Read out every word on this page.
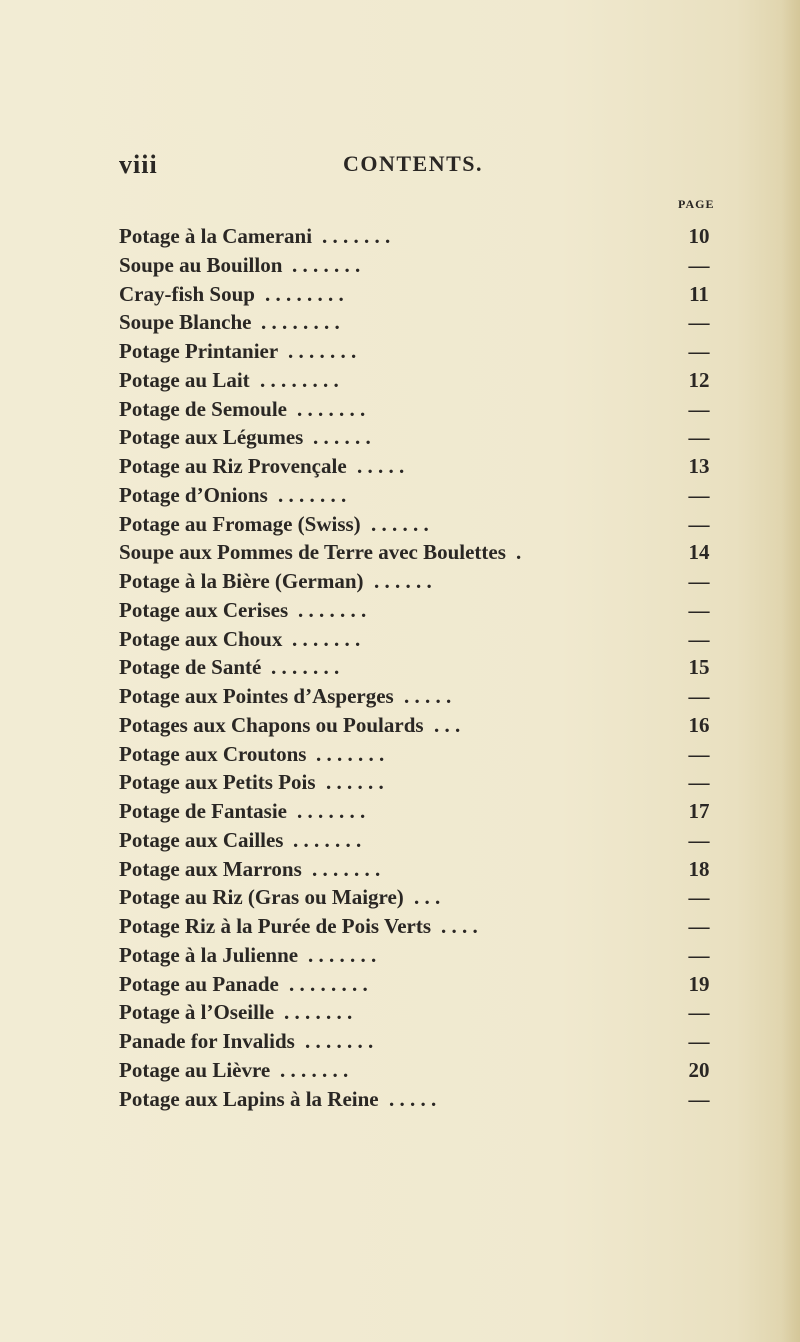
viii	CONTENTS.
PAGE
Potage à la Camerani . . . . . . .	10
Soupe au Bouillon . . . . . . .	—
Cray-fish Soup . . . . . . . .	11
Soupe Blanche . . . . . . . .	—
Potage Printanier . . . . . . .	—
Potage au Lait . . . . . . . .	12
Potage de Semoule . . . . . . .	—
Potage aux Légumes . . . . . .	—
Potage au Riz Provençale . . . . .	13
Potage d’Onions . . . . . . .	—
Potage au Fromage (Swiss) . . . . . .	—
Soupe aux Pommes de Terre avec Boulettes .	14
Potage à la Bière (German) . . . . . .	—
Potage aux Cerises . . . . . . .	—
Potage aux Choux . . . . . . .	—
Potage de Santé . . . . . . .	15
Potage aux Pointes d’Asperges . . . . .	—
Potages aux Chapons ou Poulards . . .	16
Potage aux Croutons . . . . . . .	—
Potage aux Petits Pois . . . . . .	—
Potage de Fantasie . . . . . . .	17
Potage aux Cailles . . . . . . .	—
Potage aux Marrons . . . . . . .	18
Potage au Riz (Gras ou Maigre) . . .	—
Potage Riz à la Purée de Pois Verts . . . .	—
Potage à la Julienne . . . . . . .	—
Potage au Panade . . . . . . . .	19
Potage à l’Oseille . . . . . . .	—
Panade for Invalids . . . . . . .	—
Potage au Lièvre . . . . . . .	20
Potage aux Lapins à la Reine . . . . .	—
